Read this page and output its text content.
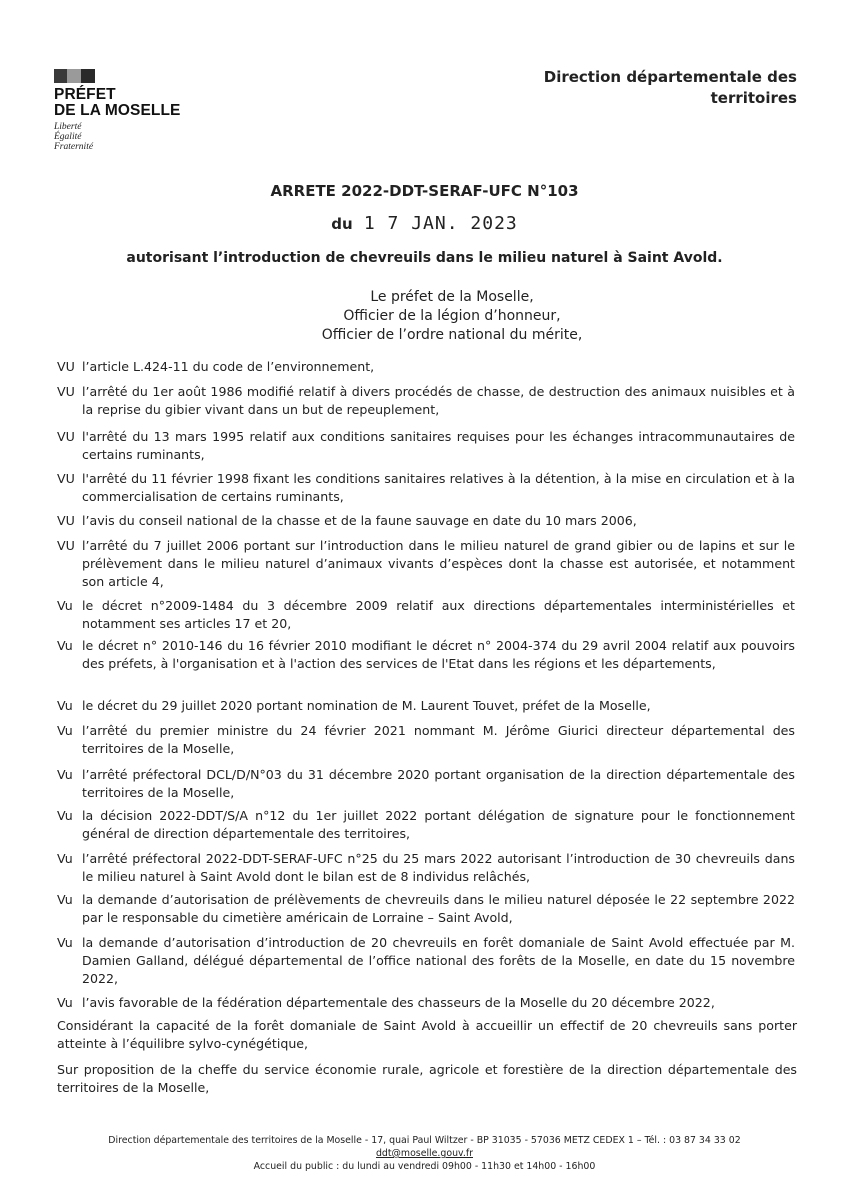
PRÉFET
DE LA MOSELLE
Liberté
Égalité
Fraternité
Direction départementale des
territoires
ARRETE 2022-DDT-SERAF-UFC N°103
du 1 7 JAN. 2023
autorisant l’introduction de chevreuils dans le milieu naturel à Saint Avold.
Le préfet de la Moselle,
Officier de la légion d’honneur,
Officier de l’ordre national du mérite,
VU l’article L.424-11 du code de l’environnement,
VU l’arrêté du 1er août 1986 modifié relatif à divers procédés de chasse, de destruction des animaux nuisibles et à la reprise du gibier vivant dans un but de repeuplement,
VU l'arrêté du 13 mars 1995 relatif aux conditions sanitaires requises pour les échanges intracommunautaires de certains ruminants,
VU l'arrêté du 11 février 1998 fixant les conditions sanitaires relatives à la détention, à la mise en circulation et à la commercialisation de certains ruminants,
VU l’avis du conseil national de la chasse et de la faune sauvage en date du 10 mars 2006,
VU l’arrêté du 7 juillet 2006 portant sur l’introduction dans le milieu naturel de grand gibier ou de lapins et sur le prélèvement dans le milieu naturel d’animaux vivants d’espèces dont la chasse est autorisée, et notamment son article 4,
Vu le décret n°2009-1484 du 3 décembre 2009 relatif aux directions départementales interministérielles et notamment ses articles 17 et 20,
Vu le décret n° 2010-146 du 16 février 2010 modifiant le décret n° 2004-374 du 29 avril 2004 relatif aux pouvoirs des préfets, à l'organisation et à l'action des services de l'Etat dans les régions et les départements,
Vu le décret du 29 juillet 2020 portant nomination de M. Laurent Touvet, préfet de la Moselle,
Vu l’arrêté du premier ministre du 24 février 2021 nommant M. Jérôme Giurici directeur départemental des territoires de la Moselle,
Vu l’arrêté préfectoral DCL/D/N°03 du 31 décembre 2020 portant organisation de la direction départementale des territoires de la Moselle,
Vu la décision 2022-DDT/S/A n°12 du 1er juillet 2022 portant délégation de signature pour le fonctionnement général de direction départementale des territoires,
Vu l’arrêté préfectoral 2022-DDT-SERAF-UFC n°25 du 25 mars 2022 autorisant l’introduction de 30 chevreuils dans le milieu naturel à Saint Avold dont le bilan est de 8 individus relâchés,
Vu la demande d’autorisation de prélèvements de chevreuils dans le milieu naturel déposée le 22 septembre 2022 par le responsable du cimetière américain de Lorraine – Saint Avold,
Vu la demande d’autorisation d’introduction de 20 chevreuils en forêt domaniale de Saint Avold effectuée par M. Damien Galland, délégué départemental de l’office national des forêts de la Moselle, en date du 15 novembre 2022,
Vu l’avis favorable de la fédération départementale des chasseurs de la Moselle du 20 décembre 2022,
Considérant la capacité de la forêt domaniale de Saint Avold à accueillir un effectif de 20 chevreuils sans porter atteinte à l’équilibre sylvo-cynégétique,
Sur proposition de la cheffe du service économie rurale, agricole et forestière de la direction départementale des territoires de la Moselle,
Direction départementale des territoires de la Moselle - 17, quai Paul Wiltzer - BP 31035 - 57036 METZ CEDEX 1 – Tél. : 03 87 34 33 02
ddt@moselle.gouv.fr
Accueil du public : du lundi au vendredi 09h00 - 11h30 et 14h00 - 16h00
